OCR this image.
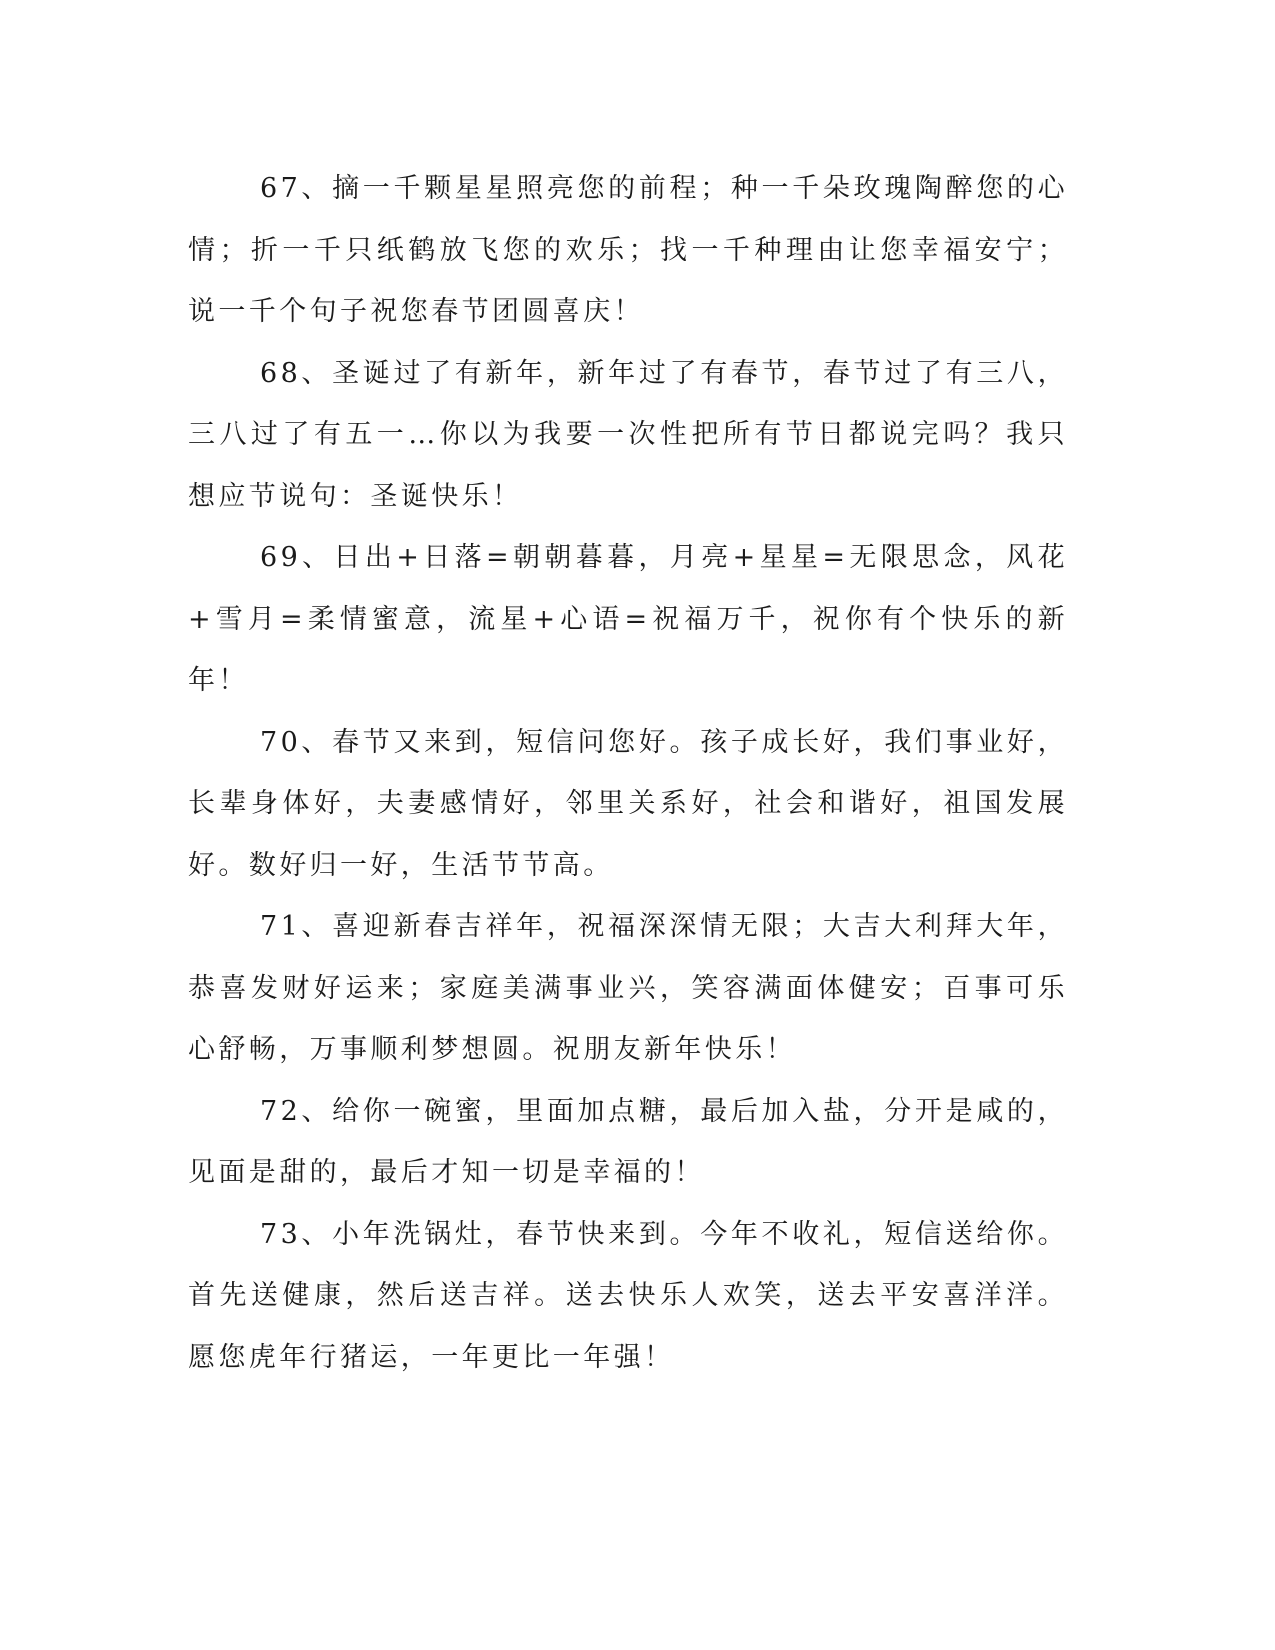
67、摘一千颗星星照亮您的前程；种一千朵玫瑰陶醉您的心情；折一千只纸鹤放飞您的欢乐；找一千种理由让您幸福安宁；说一千个句子祝您春节团圆喜庆！

68、圣诞过了有新年，新年过了有春节，春节过了有三八，三八过了有五一…你以为我要一次性把所有节日都说完吗？我只想应节说句：圣诞快乐！

69、日出+日落=朝朝暮暮，月亮+星星=无限思念，风花+雪月=柔情蜜意，流星+心语=祝福万千，祝你有个快乐的新年！

70、春节又来到，短信问您好。孩子成长好，我们事业好，长辈身体好，夫妻感情好，邻里关系好，社会和谐好，祖国发展好。数好归一好，生活节节高。

71、喜迎新春吉祥年，祝福深深情无限；大吉大利拜大年，恭喜发财好运来；家庭美满事业兴，笑容满面体健安；百事可乐心舒畅，万事顺利梦想圆。祝朋友新年快乐！

72、给你一碗蜜，里面加点糖，最后加入盐，分开是咸的，见面是甜的，最后才知一切是幸福的！

73、小年洗锅灶，春节快来到。今年不收礼，短信送给你。首先送健康，然后送吉祥。送去快乐人欢笑，送去平安喜洋洋。愿您虎年行猪运，一年更比一年强！
